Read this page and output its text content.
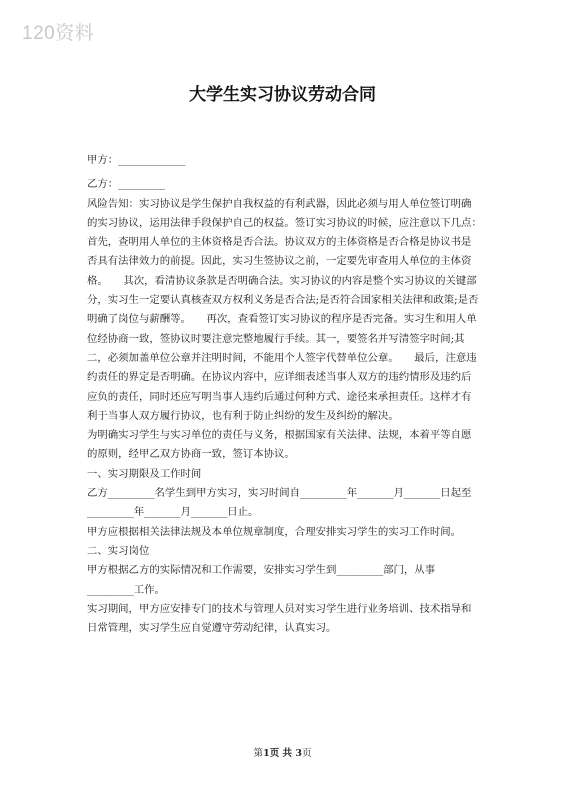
120资料
大学生实习协议劳动合同

甲方：_____________

乙方：_________

风险告知：实习协议是学生保护自我权益的有利武器，因此必须与用人单位签订明确的实习协议，运用法律手段保护自己的权益。签订实习协议的时候，应注意以下几点：　　首先，查明用人单位的主体资格是否合法。协议双方的主体资格是否合格是协议书是否具有法律效力的前提。因此，实习生签协议之前，一定要先审查用人单位的主体资格。　　其次，看清协议条款是否明确合法。实习协议的内容是整个实习协议的关键部分，实习生一定要认真核查双方权利义务是否合法;是否符合国家相关法律和政策;是否明确了岗位与薪酬等。　　再次，查看签订实习协议的程序是否完备。实习生和用人单位经协商一致，签协议时要注意完整地履行手续。其一，要签名并写清签字时间;其二，必须加盖单位公章并注明时间，不能用个人签字代替单位公章。　　最后，注意违约责任的界定是否明确。在协议内容中，应详细表述当事人双方的违约情形及违约后应负的责任，同时还应写明当事人违约后通过何种方式、途径来承担责任。这样才有利于当事人双方履行协议，也有利于防止纠纷的发生及纠纷的解决。

为明确实习学生与实习单位的责任与义务，根据国家有关法律、法规，本着平等自愿的原则，经甲乙双方协商一致，签订本协议。

一、实习期限及工作时间

乙方_________名学生到甲方实习，实习时间自_________年_______月_______日起至_________年_______月_______日止。

甲方应根据相关法律法规及本单位规章制度，合理安排实习学生的实习工作时间。

二、实习岗位

甲方根据乙方的实际情况和工作需要，安排实习学生到_________部门，从事_________工作。

实习期间，甲方应安排专门的技术与管理人员对实习学生进行业务培训、技术指导和日常管理，实习学生应自觉遵守劳动纪律，认真实习。

第1页 共 3页
